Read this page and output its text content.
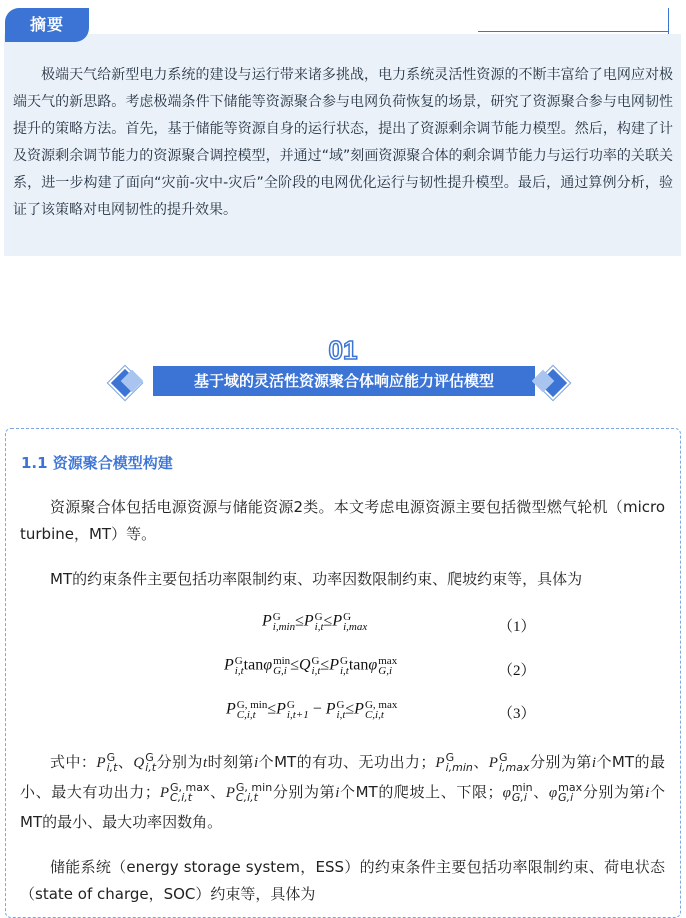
摘要

极端天气给新型电力系统的建设与运行带来诸多挑战，电力系统灵活性资源的不断丰富给了电网应对极端天气的新思路。考虑极端条件下储能等资源聚合参与电网负荷恢复的场景，研究了资源聚合参与电网韧性提升的策略方法。首先，基于储能等资源自身的运行状态，提出了资源剩余调节能力模型。然后，构建了计及资源剩余调节能力的资源聚合调控模型，并通过“域”刻画资源聚合体的剩余调节能力与运行功率的关联关系，进一步构建了面向“灾前-灾中-灾后”全阶段的电网优化运行与韧性提升模型。最后，通过算例分析，验证了该策略对电网韧性的提升效果。

01
基于域的灵活性资源聚合体响应能力评估模型
1.1 资源聚合模型构建

资源聚合体包括电源资源与储能资源2类。本文考虑电源资源主要包括微型燃气轮机（micro turbine，MT）等。

MT的约束条件主要包括功率限制约束、功率因数限制约束、爬坡约束等，具体为

P G
i,min ≤P G
i,t ≤P G
i,max	（1）
P G
i,t tanφ min
G,i ≤Q G
i,t ≤P G
i,t tanφ max
G,i	（2）
P G, min
C,i,t ≤P G
i,t+1 − P G
i,t ≤P G, max
C,i,t	（3）

式中：P G
i,t 、Q G
i,t 分别为t时刻第i个MT的有功、无功出力；P G
i,min 、P G
i,max 分别为第i个MT的最小、最大有功出力；P G, max
C,i,t	、P G, min
C,i,t 分别为第i个MT的爬坡上、下限；φ min
G,i 、φ max
G,i 分别为第i个MT的最小、最大功率因数角。

储能系统（energy storage system，ESS）的约束条件主要包括功率限制约束、荷电状态（state of charge，SOC）约束等，具体为
